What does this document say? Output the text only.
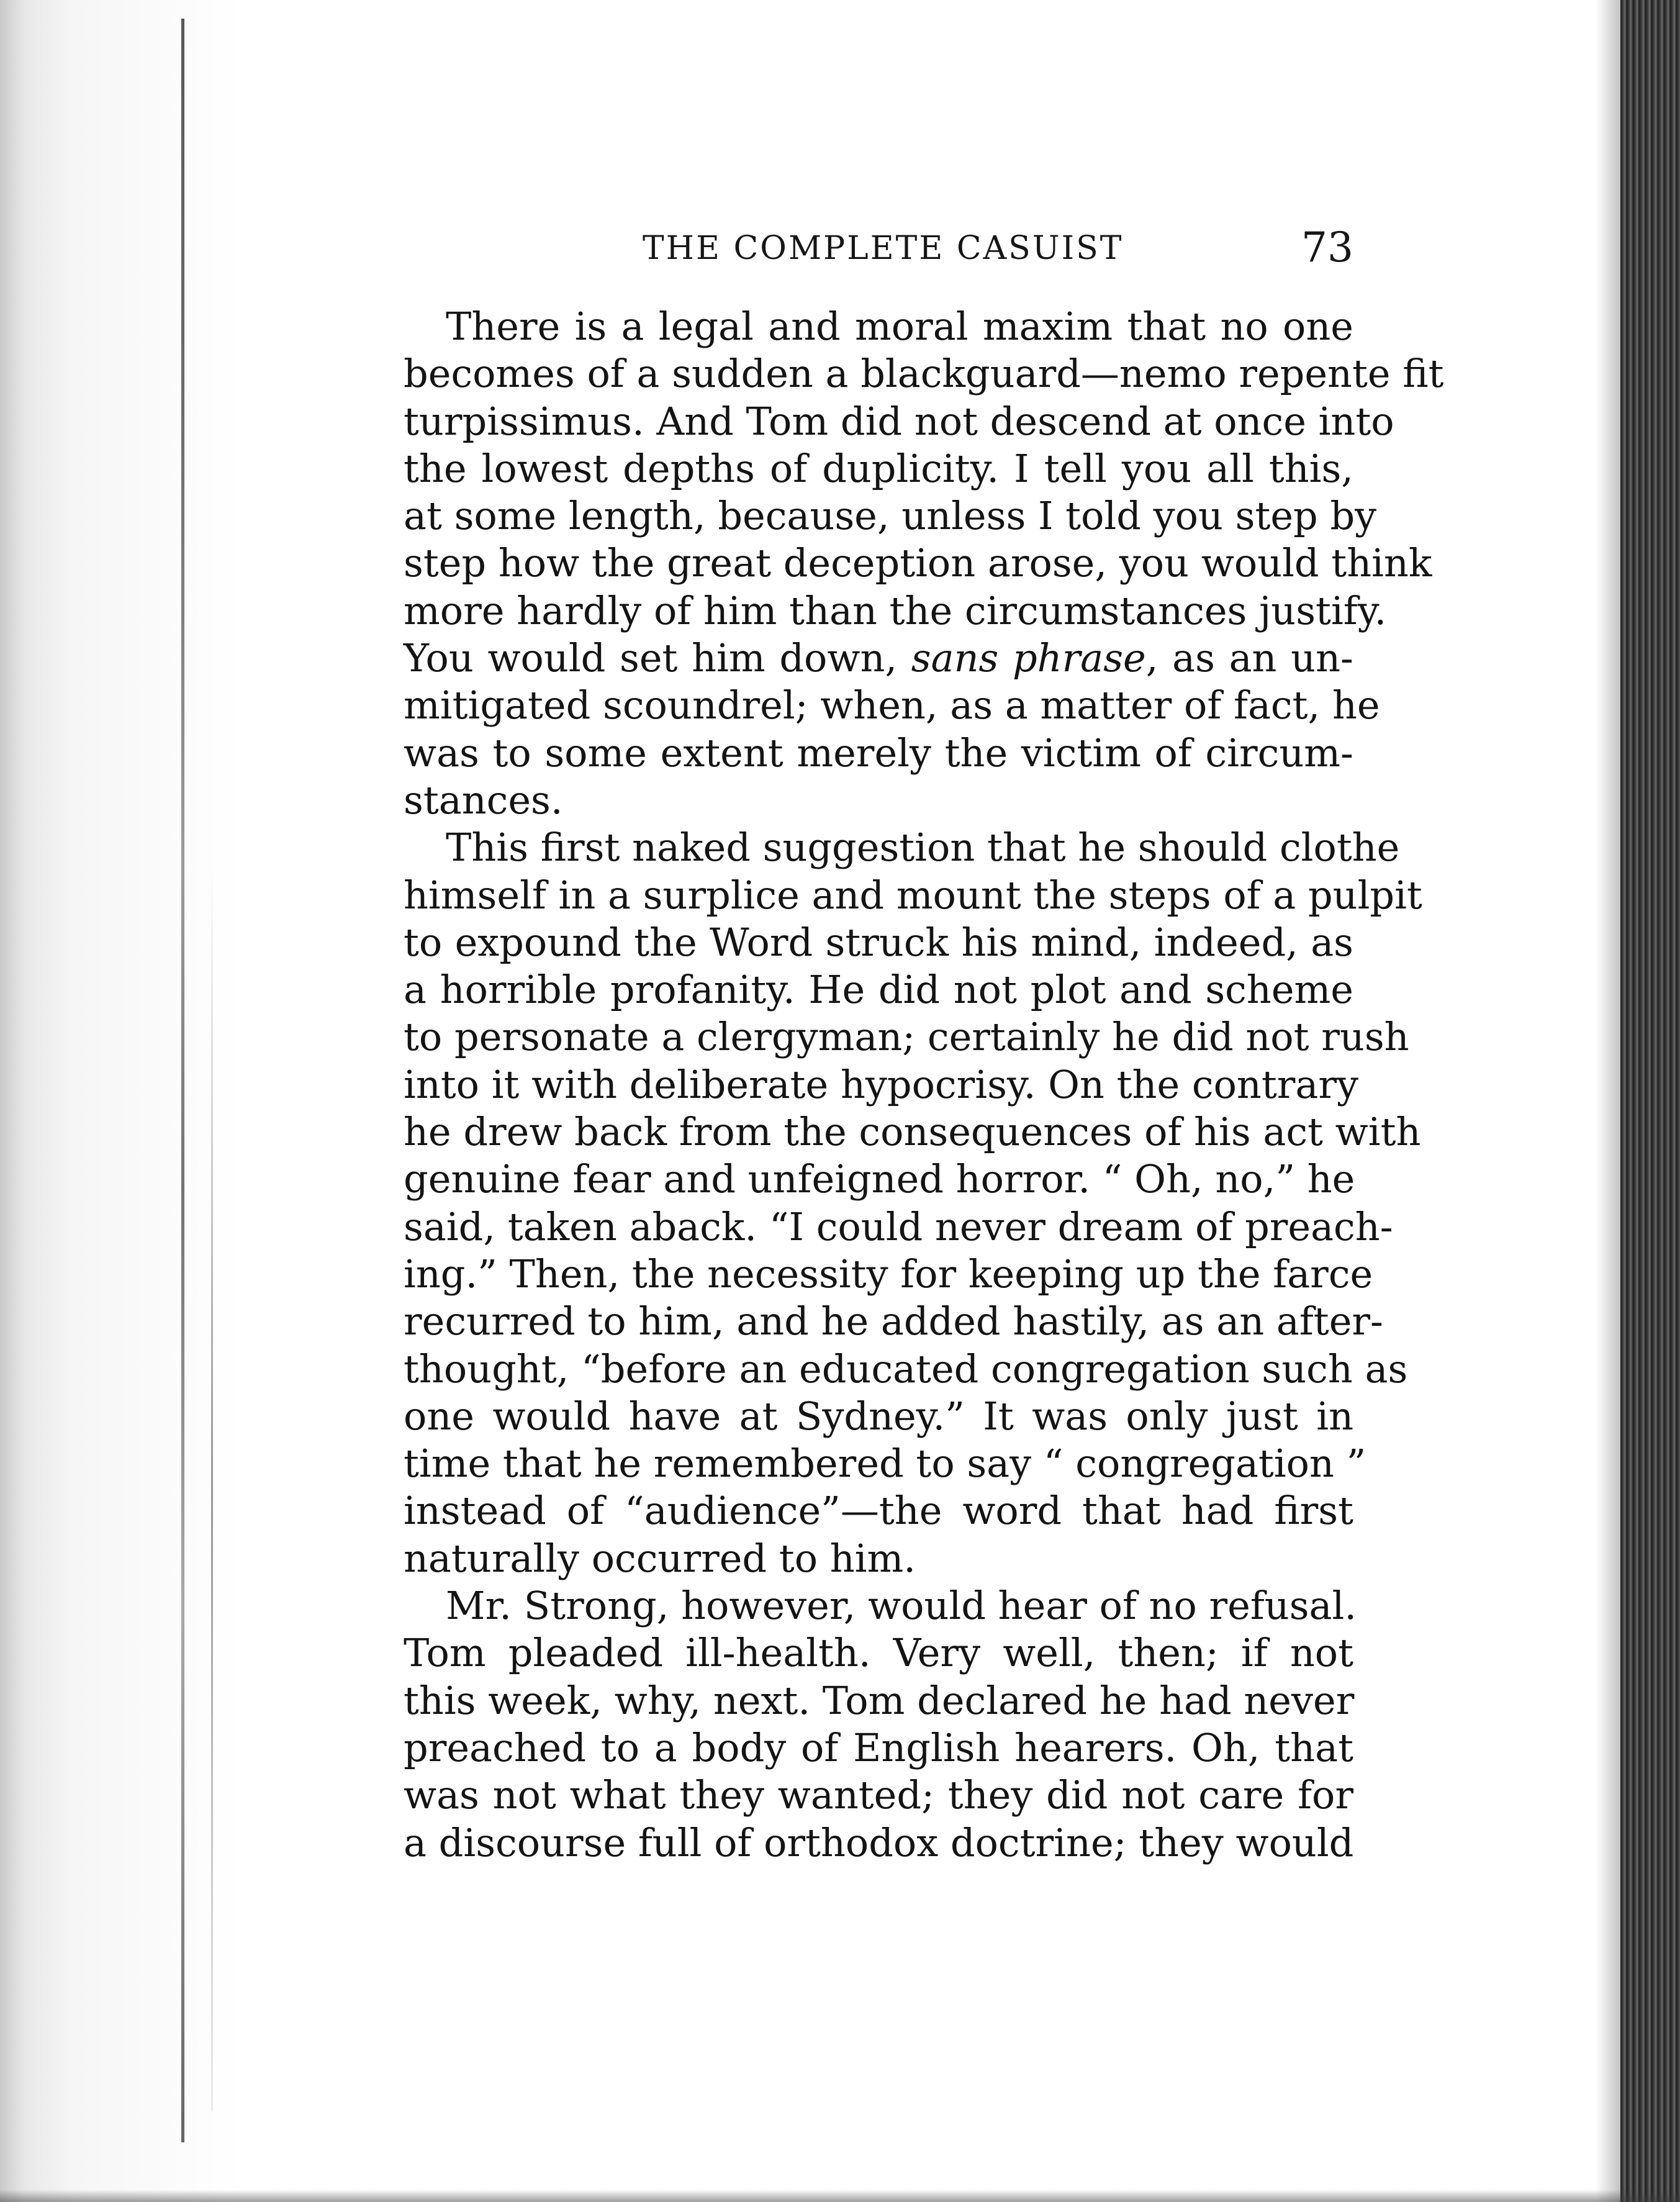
THE COMPLETE CASUIST	73
There is a legal and moral maxim that no one
becomes of a sudden a blackguard—nemo repente fit
turpissimus. And Tom did not descend at once into
the lowest depths of duplicity. I tell you all this,
at some length, because, unless I told you step by
step how the great deception arose, you would think
more hardly of him than the circumstances justify.
You would set him down, sans phrase, as an un-
mitigated scoundrel; when, as a matter of fact, he
was to some extent merely the victim of circum-
stances.
This first naked suggestion that he should clothe
himself in a surplice and mount the steps of a pulpit
to expound the Word struck his mind, indeed, as
a horrible profanity. He did not plot and scheme
to personate a clergyman; certainly he did not rush
into it with deliberate hypocrisy. On the contrary
he drew back from the consequences of his act with
genuine fear and unfeigned horror. “ Oh, no,” he
said, taken aback. “I could never dream of preach-
ing.” Then, the necessity for keeping up the farce
recurred to him, and he added hastily, as an after-
thought, “before an educated congregation such as
one would have at Sydney.” It was only just in
time that he remembered to say “ congregation ”
instead of “audience”—the word that had first
naturally occurred to him.
Mr. Strong, however, would hear of no refusal.
Tom pleaded ill-health. Very well, then; if not
this week, why, next. Tom declared he had never
preached to a body of English hearers. Oh, that
was not what they wanted; they did not care for
a discourse full of orthodox doctrine; they would
